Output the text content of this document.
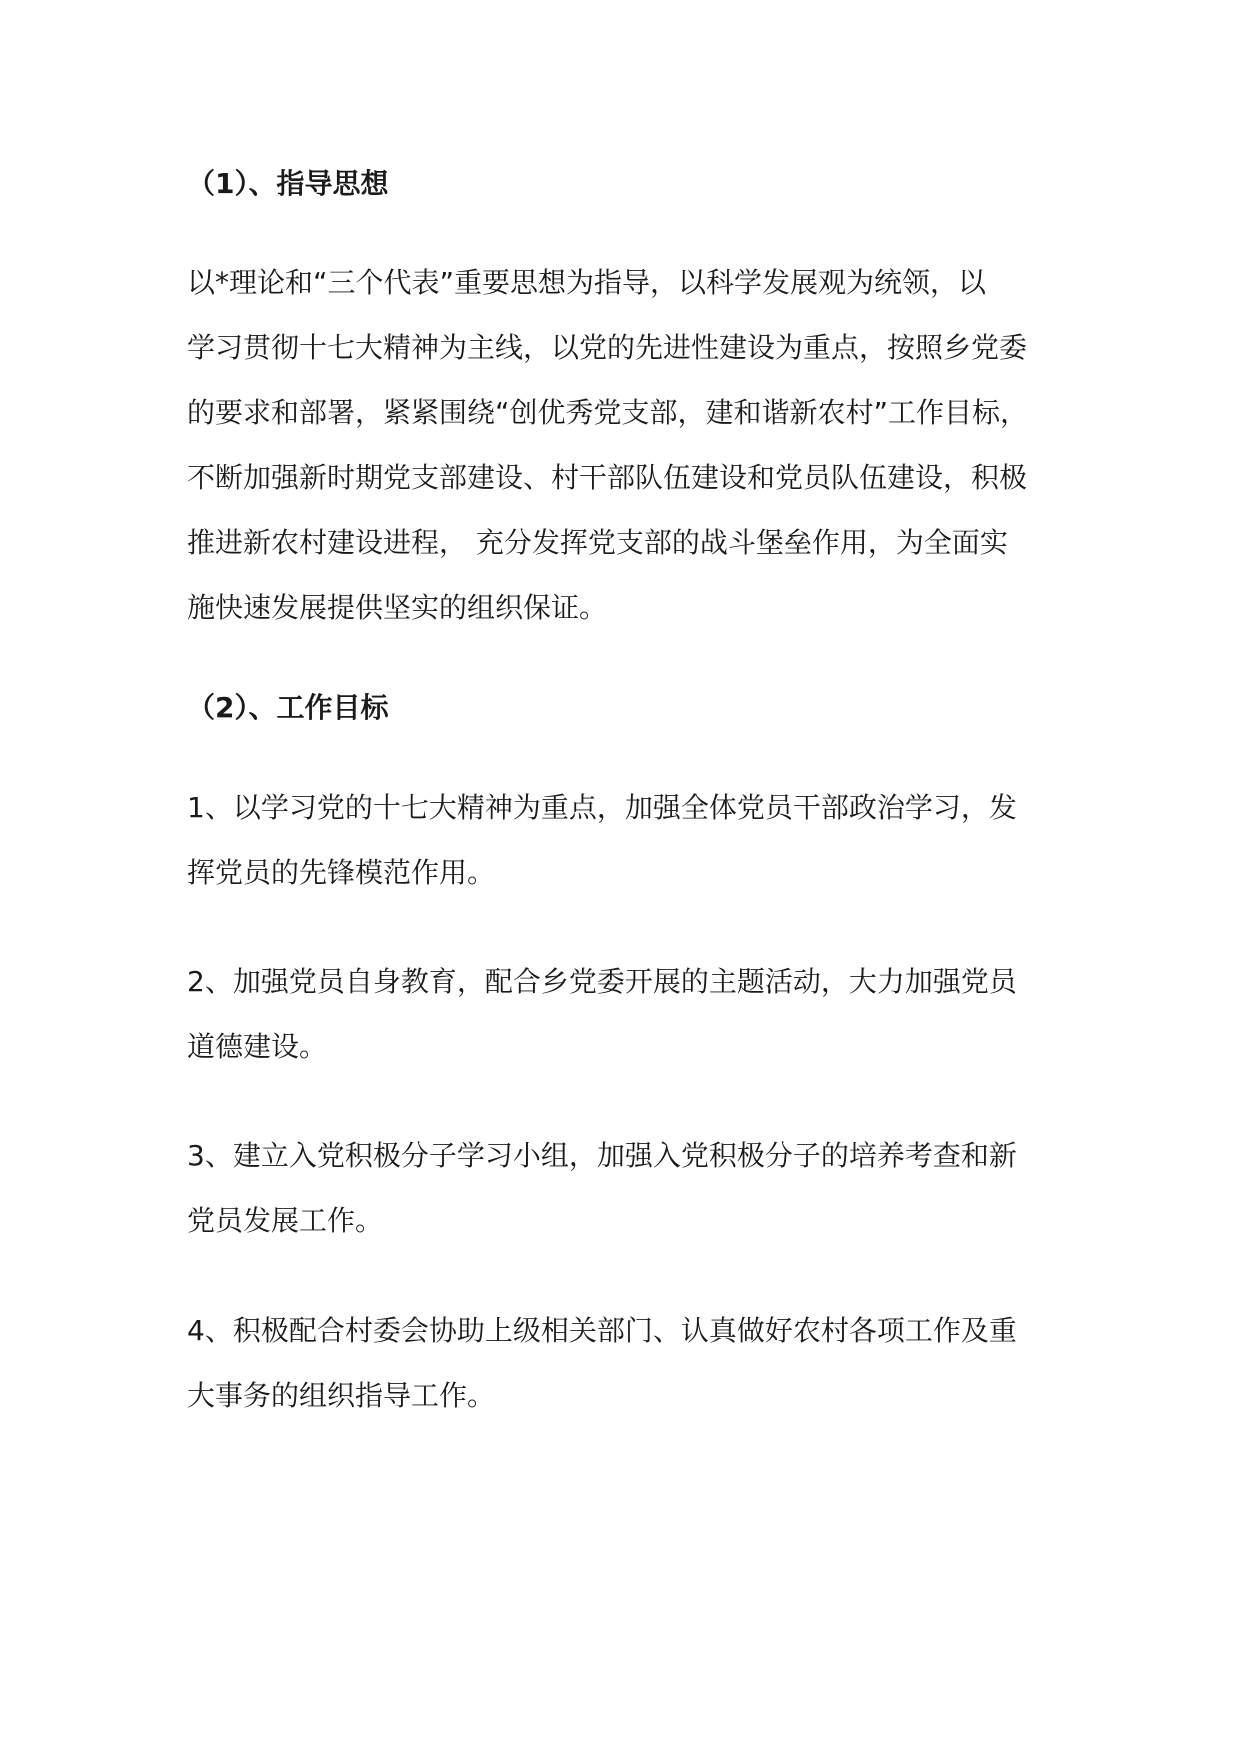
（1）、指导思想

以*理论和“三个代表”重要思想为指导，以科学发展观为统领，以
学习贯彻十七大精神为主线，以党的先进性建设为重点，按照乡党委
的要求和部署，紧紧围绕“创优秀党支部，建和谐新农村”工作目标，
不断加强新时期党支部建设、村干部队伍建设和党员队伍建设，积极
推进新农村建设进程， 充分发挥党支部的战斗堡垒作用，为全面实
施快速发展提供坚实的组织保证。

（2）、工作目标

1、以学习党的十七大精神为重点，加强全体党员干部政治学习，发
挥党员的先锋模范作用。

2、加强党员自身教育，配合乡党委开展的主题活动，大力加强党员
道德建设。

3、建立入党积极分子学习小组，加强入党积极分子的培养考查和新
党员发展工作。

4、积极配合村委会协助上级相关部门、认真做好农村各项工作及重
大事务的组织指导工作。
